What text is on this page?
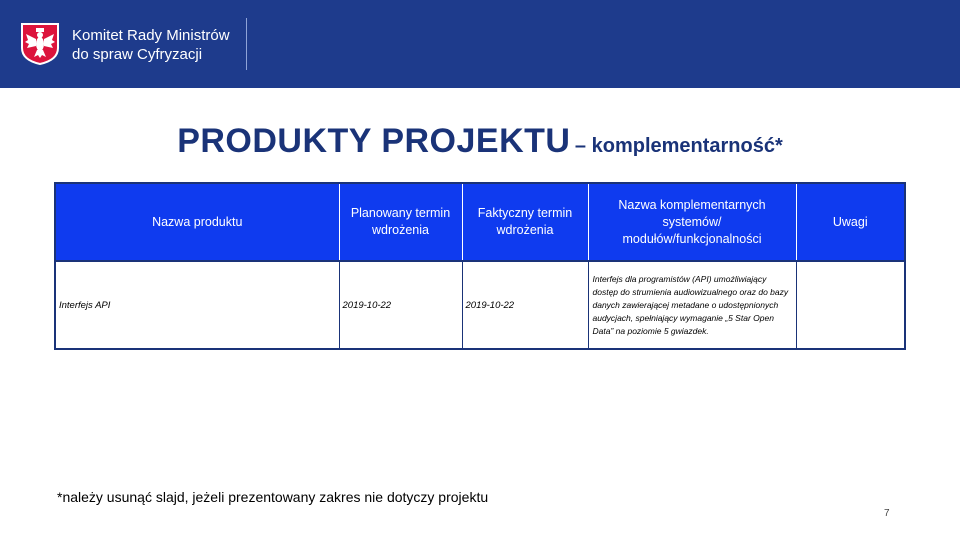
Komitet Rady Ministrów
do spraw Cyfryzacji
PRODUKTY PROJEKTU – komplementarność*
Nazwa produktu	Planowany termin wdrożenia	Faktyczny termin wdrożenia	Nazwa komplementarnych systemów/ modułów/funkcjonalności	Uwagi
Interfejs API	2019-10-22	2019-10-22	Interfejs dla programistów (API) umożliwiający dostęp do strumienia audiowizualnego oraz do bazy danych zawierającej metadane o udostępnionych audycjach, spełniający wymaganie „5 Star Open Data” na poziomie 5 gwiazdek.	
*należy usunąć slajd, jeżeli prezentowany zakres nie dotyczy projektu
7
